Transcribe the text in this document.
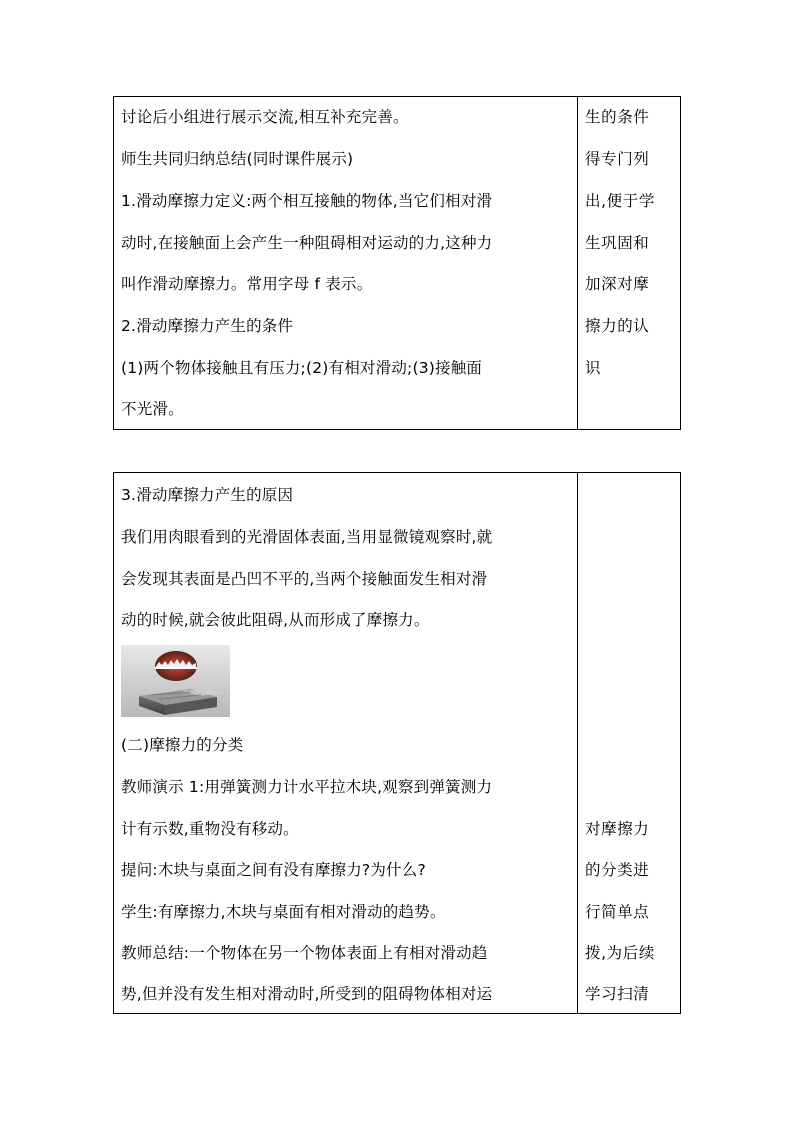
讨论后小组进行展示交流,相互补充完善。
师生共同归纳总结(同时课件展示)
1.滑动摩擦力定义:两个相互接触的物体,当它们相对滑
动时,在接触面上会产生一种阻碍相对运动的力,这种力
叫作滑动摩擦力。常用字母 f 表示。
2.滑动摩擦力产生的条件
(1)两个物体接触且有压力;(2)有相对滑动;(3)接触面
不光滑。
生的条件
得专门列
出,便于学
生巩固和
加深对摩
擦力的认
识
3.滑动摩擦力产生的原因
我们用肉眼看到的光滑固体表面,当用显微镜观察时,就
会发现其表面是凸凹不平的,当两个接触面发生相对滑
动的时候,就会彼此阻碍,从而形成了摩擦力。
(二)摩擦力的分类
教师演示 1:用弹簧测力计水平拉木块,观察到弹簧测力
计有示数,重物没有移动。
提问:木块与桌面之间有没有摩擦力?为什么?
学生:有摩擦力,木块与桌面有相对滑动的趋势。
教师总结:一个物体在另一个物体表面上有相对滑动趋
势,但并没有发生相对滑动时,所受到的阻碍物体相对运
对摩擦力
的分类进
行简单点
拨,为后续
学习扫清
